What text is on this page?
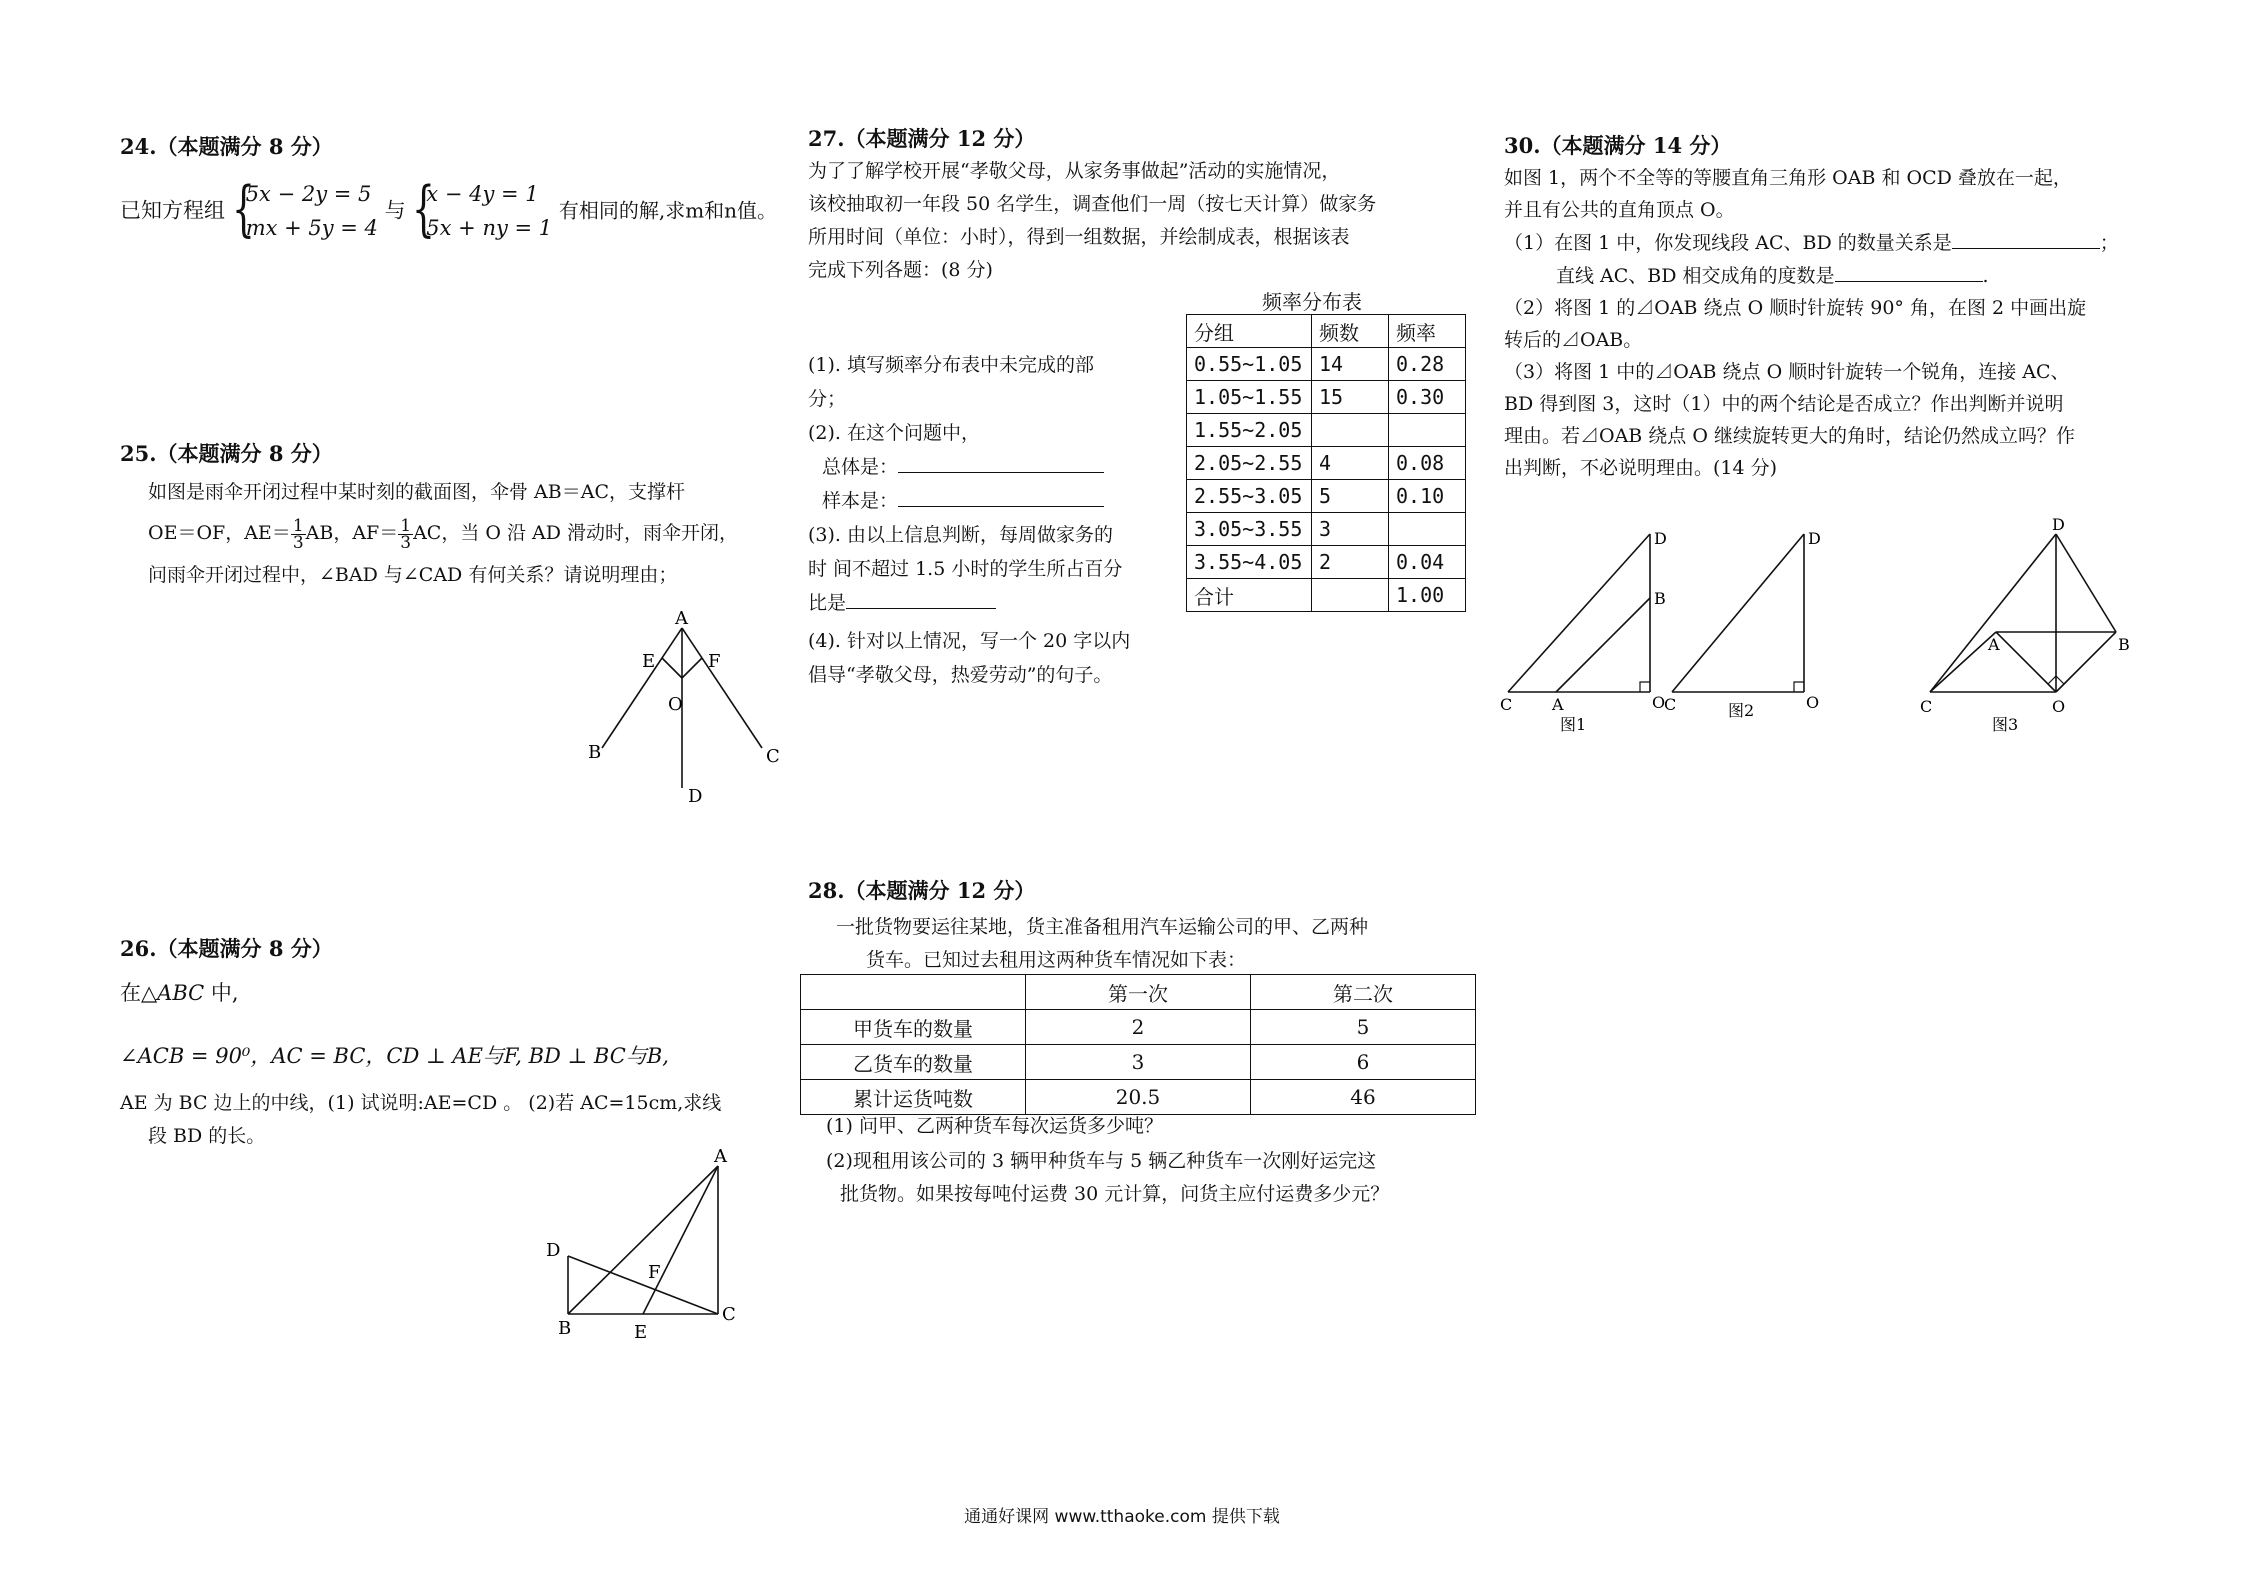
24.（本题满分 8 分）
已知方程组 {
5x − 2y = 5
mx + 5y = 4
与 {
x − 4y = 1
5x + ny = 1
有相同的解,求m和n值。
25.（本题满分 8 分）
如图是雨伞开闭过程中某时刻的截面图，伞骨 AB＝AC，支撑杆
OE＝OF，$AE= \frac{1}{3}$ AB，$AF= \frac{1}{3}$ AC，当 O 沿 AD 滑动时，雨伞开闭，
问雨伞开闭过程中，∠BAD 与∠CAD 有何关系？请说明理由；
A
E	F
O
B	C
D
26.（本题满分 8 分）
在△ABC 中,
∠ACB = 90⁰，AC = BC，CD ⊥ AE与F, BD ⊥ BC与B,
AE 为 BC 边上的中线，(1) 试说明:AE=CD 。 (2)若 AC=15cm,求线
段 BD 的长。
A
D
F
B	E
C
27.（本题满分 12 分）
为了了解学校开展“孝敬父母，从家务事做起”活动的实施情况，
该校抽取初一年段 50 名学生，调查他们一周（按七天计算）做家务
所用时间（单位：小时），得到一组数据，并绘制成表，根据该表
完成下列各题：(8 分)
(1). 填写频率分布表中未完成的部
分；
(2). 在这个问题中，
总体是：
样本是：
(3). 由以上信息判断，每周做家务的
时 间不超过 1.5 小时的学生所占百分
比是
(4). 针对以上情况，写一个 20 字以内
倡导“孝敬父母，热爱劳动”的句子。
频率分布表
分组	频数	频率
0.55~1.05	14	0.28
1.05~1.55	15	0.30
1.55~2.05		
2.05~2.55	4	0.08
2.55~3.05	5	0.10
3.05~3.55	3	
3.55~4.05	2	0.04
合计		1.00
28.（本题满分 12 分）
一批货物要运往某地，货主准备租用汽车运输公司的甲、乙两种
货车。已知过去租用这两种货车情况如下表：
	第一次	第二次
甲货车的数量	2	5
乙货车的数量	3	6
累计运货吨数	20.5	46
(1) 问甲、乙两种货车每次运货多少吨？
(2)现租用该公司的 3 辆甲种货车与 5 辆乙种货车一次刚好运完这
批货物。如果按每吨付运费 30 元计算，问货主应付运费多少元？
30.（本题满分 14 分）
如图 1，两个不全等的等腰直角三角形 OAB 和 OCD 叠放在一起，
并且有公共的直角顶点 O。
（1）在图 1 中，你发现线段 AC、BD 的数量关系是	；
直线 AC、BD 相交成角的度数是	.
（2）将图 1 的⊿OAB 绕点 O 顺时针旋转 90° 角，在图 2 中画出旋
转后的⊿OAB。
（3）将图 1 中的⊿OAB 绕点 O 顺时针旋转一个锐角，连接 AC、
BD 得到图 3，这时（1）中的两个结论是否成立？作出判断并说明
理由。若⊿OAB 绕点 O 继续旋转更大的角时，结论仍然成立吗？作
出判断，不必说明理由。(14 分)
D
B
C A	O
图1
D
C	O
图2
D
A	B
C	O
图3
通通好课网 www.tthaoke.com 提供下载
